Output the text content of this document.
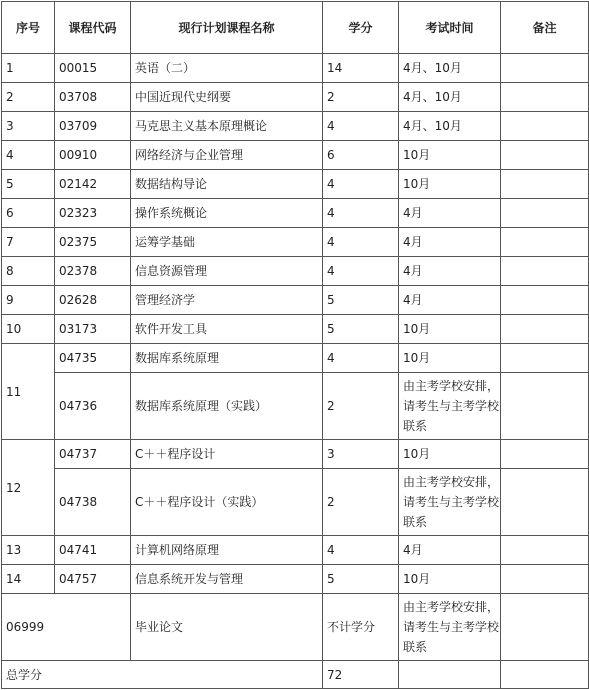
序号	课程代码	现行计划课程名称	学分	考试时间	备注
1	00015	英语（二）	14	4月、10月	
2	03708	中国近现代史纲要	2	4月、10月	
3	03709	马克思主义基本原理概论	4	4月、10月	
4	00910	网络经济与企业管理	6	10月	
5	02142	数据结构导论	4	10月	
6	02323	操作系统概论	4	4月	
7	02375	运筹学基础	4	4月	
8	02378	信息资源管理	4	4月	
9	02628	管理经济学	5	4月	
10	03173	软件开发工具	5	10月	
11	04735	数据库系统原理	4	10月	
	04736	数据库系统原理（实践）	2	由主考学校安排，请考生与主考学校联系	
12	04737	C＋＋程序设计	3	10月	
	04738	C＋＋程序设计（实践）	2	由主考学校安排，请考生与主考学校联系	
13	04741	计算机网络原理	4	4月	
14	04757	信息系统开发与管理	5	10月	
06999		毕业论文	不计学分	由主考学校安排，请考生与主考学校联系	
总学分			72		
